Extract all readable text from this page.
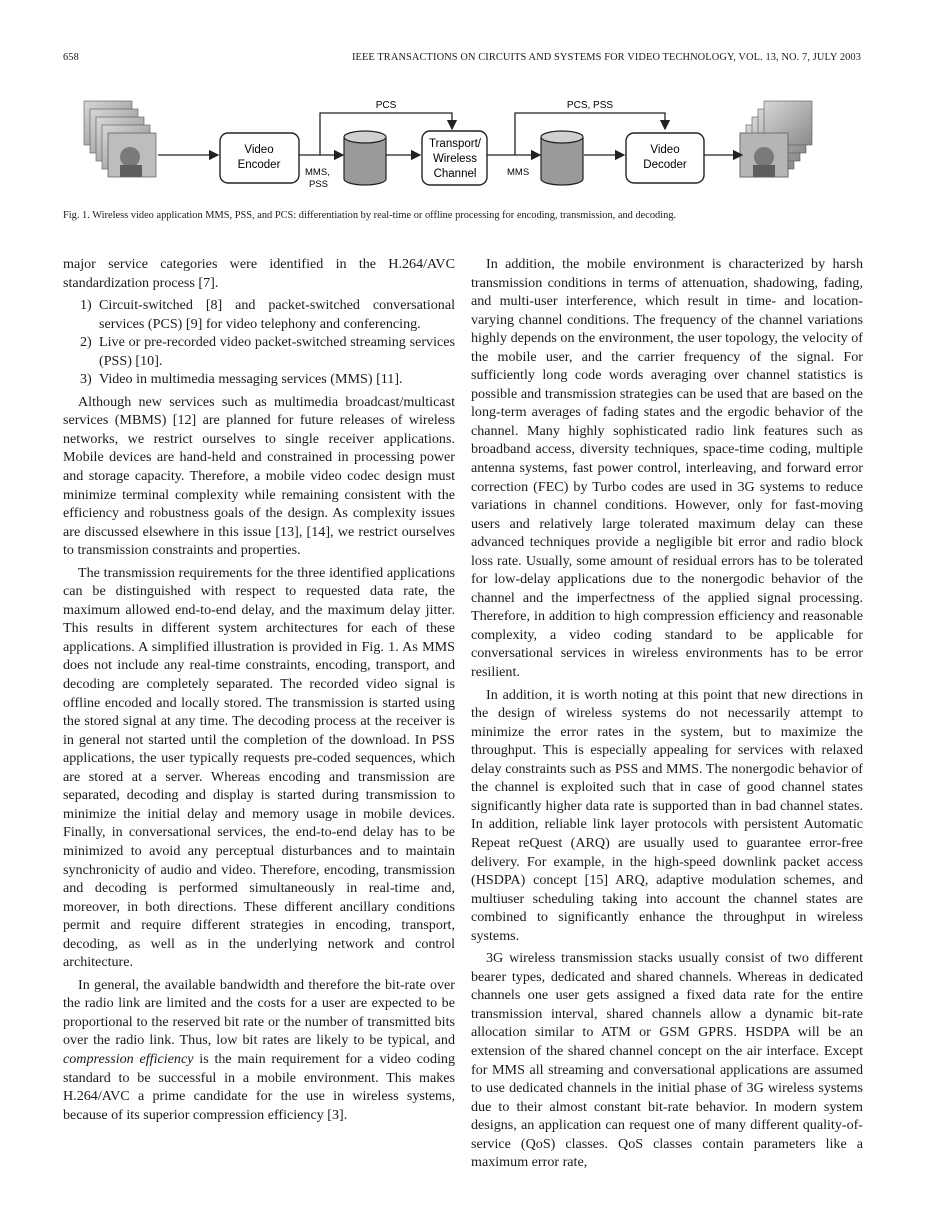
658	IEEE TRANSACTIONS ON CIRCUITS AND SYSTEMS FOR VIDEO TECHNOLOGY, VOL. 13, NO. 7, JULY 2003
PCS	PCS, PSS
MMS,
PSS
MMS
Video
Encoder
Transport/
Wireless
Channel
Video
Decoder
Fig. 1. Wireless video application MMS, PSS, and PCS: differentiation by real-time or offline processing for encoding, transmission, and decoding.

major service categories were identified in the H.264/AVC standardization process [7].

1) Circuit-switched [8] and packet-switched conversational services (PCS) [9] for video telephony and conferencing.
2) Live or pre-recorded video packet-switched streaming services (PSS) [10].
3) Video in multimedia messaging services (MMS) [11].

Although new services such as multimedia broadcast/multicast services (MBMS) [12] are planned for future releases of wireless networks, we restrict ourselves to single receiver applications. Mobile devices are hand-held and constrained in processing power and storage capacity. Therefore, a mobile video codec design must minimize terminal complexity while remaining consistent with the efficiency and robustness goals of the design. As complexity issues are discussed elsewhere in this issue [13], [14], we restrict ourselves to transmission constraints and properties.

The transmission requirements for the three identified applications can be distinguished with respect to requested data rate, the maximum allowed end-to-end delay, and the maximum delay jitter. This results in different system architectures for each of these applications. A simplified illustration is provided in Fig. 1. As MMS does not include any real-time constraints, encoding, transport, and decoding are completely separated. The recorded video signal is offline encoded and locally stored. The transmission is started using the stored signal at any time. The decoding process at the receiver is in general not started until the completion of the download. In PSS applications, the user typically requests pre-coded sequences, which are stored at a server. Whereas encoding and transmission are separated, decoding and display is started during transmission to minimize the initial delay and memory usage in mobile devices. Finally, in conversational services, the end-to-end delay has to be minimized to avoid any perceptual disturbances and to maintain synchronicity of audio and video. Therefore, encoding, transmission and decoding is performed simultaneously in real-time and, moreover, in both directions. These different ancillary conditions permit and require different strategies in encoding, transport, decoding, as well as in the underlying network and control architecture.

In general, the available bandwidth and therefore the bit-rate over the radio link are limited and the costs for a user are expected to be proportional to the reserved bit rate or the number of transmitted bits over the radio link. Thus, low bit rates are likely to be typical, and compression efficiency is the main requirement for a video coding standard to be successful in a mobile environment. This makes H.264/AVC a prime candidate for the use in wireless systems, because of its superior compression efficiency [3].

In addition, the mobile environment is characterized by harsh transmission conditions in terms of attenuation, shadowing, fading, and multi-user interference, which result in time- and location-varying channel conditions. The frequency of the channel variations highly depends on the environment, the user topology, the velocity of the mobile user, and the carrier frequency of the signal. For sufficiently long code words averaging over channel statistics is possible and transmission strategies can be used that are based on the long-term averages of fading states and the ergodic behavior of the channel. Many highly sophisticated radio link features such as broadband access, diversity techniques, space-time coding, multiple antenna systems, fast power control, interleaving, and forward error correction (FEC) by Turbo codes are used in 3G systems to reduce variations in channel conditions. However, only for fast-moving users and relatively large tolerated maximum delay can these advanced techniques provide a negligible bit error and radio block loss rate. Usually, some amount of residual errors has to be tolerated for low-delay applications due to the nonergodic behavior of the channel and the imperfectness of the applied signal processing. Therefore, in addition to high compression efficiency and reasonable complexity, a video coding standard to be applicable for conversational services in wireless environments has to be error resilient.

In addition, it is worth noting at this point that new directions in the design of wireless systems do not necessarily attempt to minimize the error rates in the system, but to maximize the throughput. This is especially appealing for services with relaxed delay constraints such as PSS and MMS. The nonergodic behavior of the channel is exploited such that in case of good channel states significantly higher data rate is supported than in bad channel states. In addition, reliable link layer protocols with persistent Automatic Repeat reQuest (ARQ) are usually used to guarantee error-free delivery. For example, in the high-speed downlink packet access (HSDPA) concept [15] ARQ, adaptive modulation schemes, and multiuser scheduling taking into account the channel states are combined to significantly enhance the throughput in wireless systems.

3G wireless transmission stacks usually consist of two different bearer types, dedicated and shared channels. Whereas in dedicated channels one user gets assigned a fixed data rate for the entire transmission interval, shared channels allow a dynamic bit-rate allocation similar to ATM or GSM GPRS. HSDPA will be an extension of the shared channel concept on the air interface. Except for MMS all streaming and conversational applications are assumed to use dedicated channels in the initial phase of 3G wireless systems due to their almost constant bit-rate behavior. In modern system designs, an application can request one of many different quality-of-service (QoS) classes. QoS classes contain parameters like a maximum error rate,
